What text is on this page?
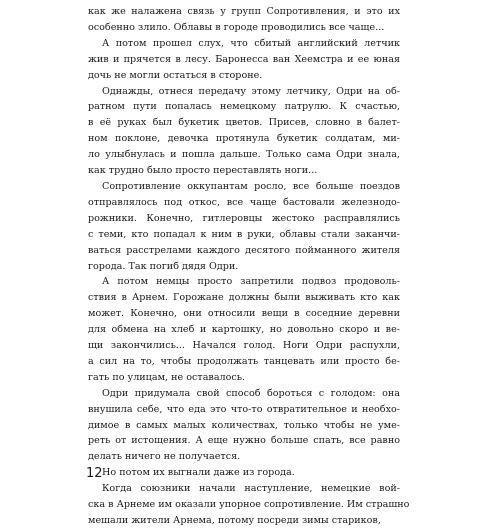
как же налажена связь у групп Сопротивления, и это их
особенно злило. Облавы в городе проводились все чаще...

А потом прошел слух, что сбитый английский летчик
жив и прячется в лесу. Баронесса ван Хеемстра и ее юная
дочь не могли остаться в стороне.

Однажды, отнеся передачу этому летчику, Одри на об-
ратном пути попалась немецкому патрулю. К счастью,
в её руках был букетик цветов. Присев, словно в балет-
ном поклоне, девочка протянула букетик солдатам, ми-
ло улыбнулась и пошла дальше. Только сама Одри знала,
как трудно было просто переставлять ноги...

Сопротивление оккупантам росло, все больше поездов
отправлялось под откос, все чаще бастовали железнодо-
рожники. Конечно, гитлеровцы жестоко расправлялись
с теми, кто попадал к ним в руки, облавы стали заканчи-
ваться расстрелами каждого десятого пойманного жителя
города. Так погиб дядя Одри.

А потом немцы просто запретили подвоз продоволь-
ствия в Арнем. Горожане должны были выживать кто как
может. Конечно, они относили вещи в соседние деревни
для обмена на хлеб и картошку, но довольно скоро и ве-
щи закончились... Начался голод. Ноги Одри распухли,
а сил на то, чтобы продолжать танцевать или просто бе-
гать по улицам, не оставалось.

Одри придумала свой способ бороться с голодом: она
внушила себе, что еда это что-то отвратительное и необхо-
димое в самых малых количествах, только чтобы не уме-
реть от истощения. А еще нужно больше спать, все равно
делать ничего не получается.

Но потом их выгнали даже из города.

Когда союзники начали наступление, немецкие вой-
ска в Арнеме им оказали упорное сопротивление. Им страшно
мешали жители Арнема, потому посреди зимы стариков,

12
